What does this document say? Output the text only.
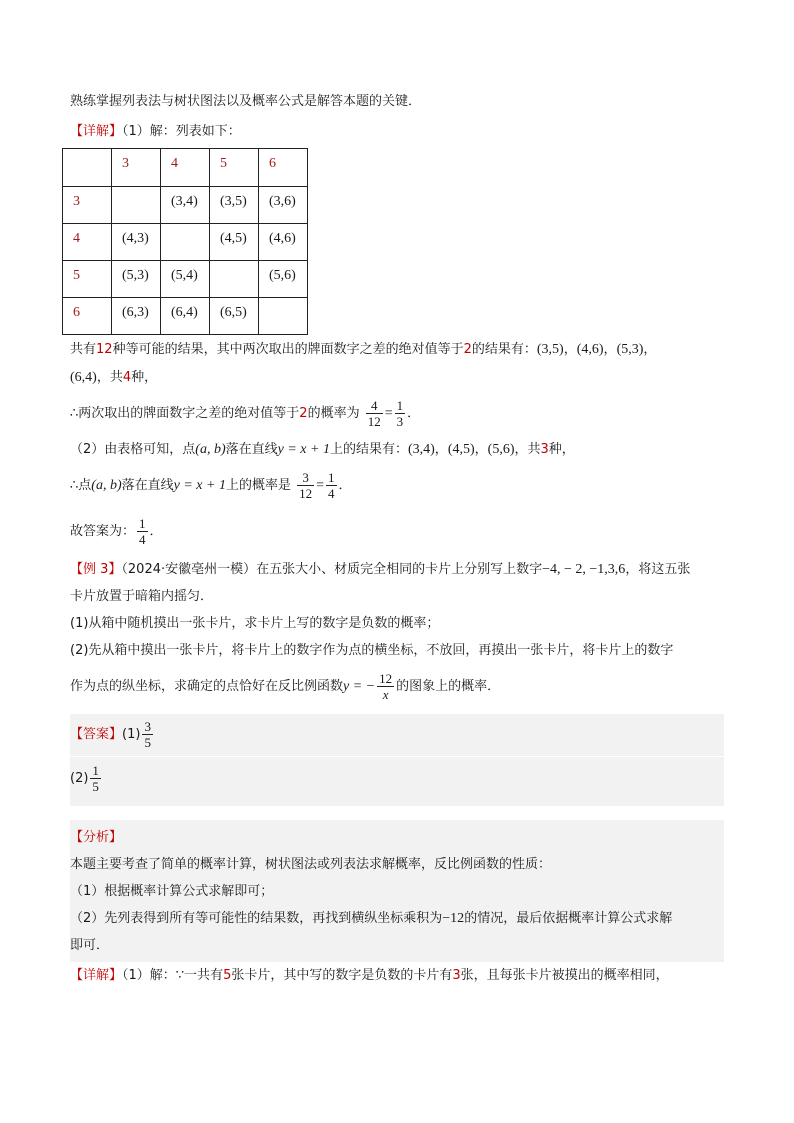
熟练掌握列表法与树状图法以及概率公式是解答本题的关键．
【详解】（1）解：列表如下：
	3	4	5	6
3		(3,4)	(3,5)	(3,6)
4	(4,3)		(4,5)	(4,6)
5	(5,3)	(5,4)		(5,6)
6	(6,3)	(6,4)	(6,5)	
共有12种等可能的结果，其中两次取出的牌面数字之差的绝对值等于2的结果有：(3,5)，(4,6)，(5,3)，
(6,4)，共4种，
∴两次取出的牌面数字之差的绝对值等于2的概率为 $\frac{4}{12} = \frac{1}{3}$ ．
（2）由表格可知，点(a, b)落在直线y = x + 1上的结果有：(3,4)，(4,5)，(5,6)，共3种，
∴点(a, b)落在直线y = x + 1上的概率是 $\frac{3}{12} = \frac{1}{4}$ ．
故答案为： $\frac{1}{4}$ ．
【例 3】（2024·安徽亳州一模）在五张大小、材质完全相同的卡片上分别写上数字−4, − 2, −1,3,6，将这五张
卡片放置于暗箱内摇匀．
(1)从箱中随机摸出一张卡片，求卡片上写的数字是负数的概率；
(2)先从箱中摸出一张卡片，将卡片上的数字作为点的横坐标，不放回，再摸出一张卡片，将卡片上的数字
作为点的纵坐标，求确定的点恰好在反比例函数y = − $\frac{12}{x}$ 的图象上的概率．
【答案】$(1) \frac{3}{5}$
$(2) \frac{1}{5}$
【分析】
本题主要考查了简单的概率计算，树状图法或列表法求解概率，反比例函数的性质：
（1）根据概率计算公式求解即可；
（2）先列表得到所有等可能性的结果数，再找到横纵坐标乘积为−12的情况，最后依据概率计算公式求解
即可．
【详解】（1）解：∵一共有5张卡片，其中写的数字是负数的卡片有3张，且每张卡片被摸出的概率相同，
